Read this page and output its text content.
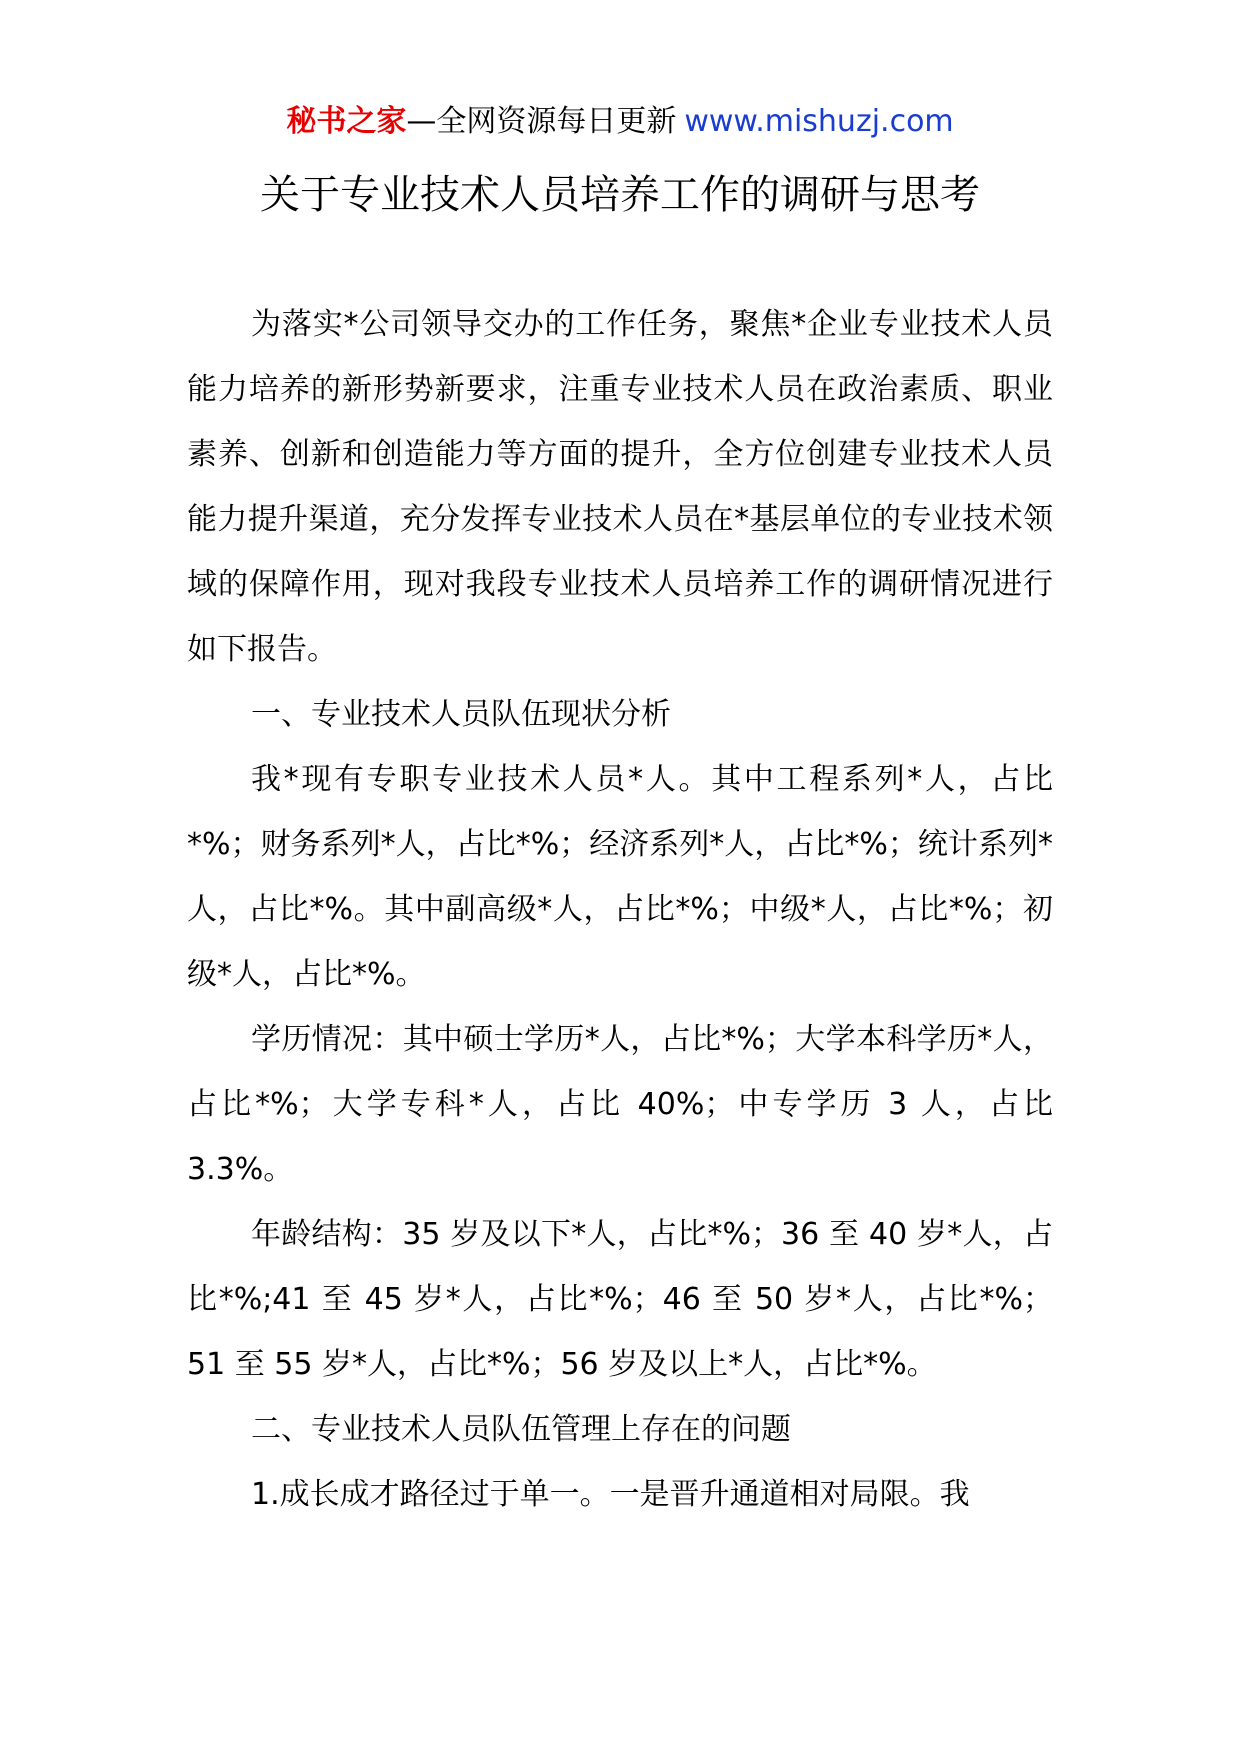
秘书之家—全网资源每日更新 www.mishuzj.com
关于专业技术人员培养工作的调研与思考

为落实*公司领导交办的工作任务，聚焦*企业专业技术人员能力培养的新形势新要求，注重专业技术人员在政治素质、职业素养、创新和创造能力等方面的提升，全方位创建专业技术人员能力提升渠道，充分发挥专业技术人员在*基层单位的专业技术领域的保障作用，现对我段专业技术人员培养工作的调研情况进行如下报告。

一、专业技术人员队伍现状分析

我*现有专职专业技术人员*人。其中工程系列*人，占比*%；财务系列*人，占比*%；经济系列*人，占比*%；统计系列*人，占比*%。其中副高级*人，占比*%；中级*人，占比*%；初级*人，占比*%。

学历情况：其中硕士学历*人，占比*%；大学本科学历*人，占比*%；大学专科*人，占比 40%；中专学历 3 人，占比 3.3%。

年龄结构：35 岁及以下*人，占比*%；36 至 40 岁*人，占比*%;41 至 45 岁*人，占比*%；46 至 50 岁*人，占比*%；51 至 55 岁*人，占比*%；56 岁及以上*人，占比*%。

二、专业技术人员队伍管理上存在的问题

1.成长成才路径过于单一。一是晋升通道相对局限。我
